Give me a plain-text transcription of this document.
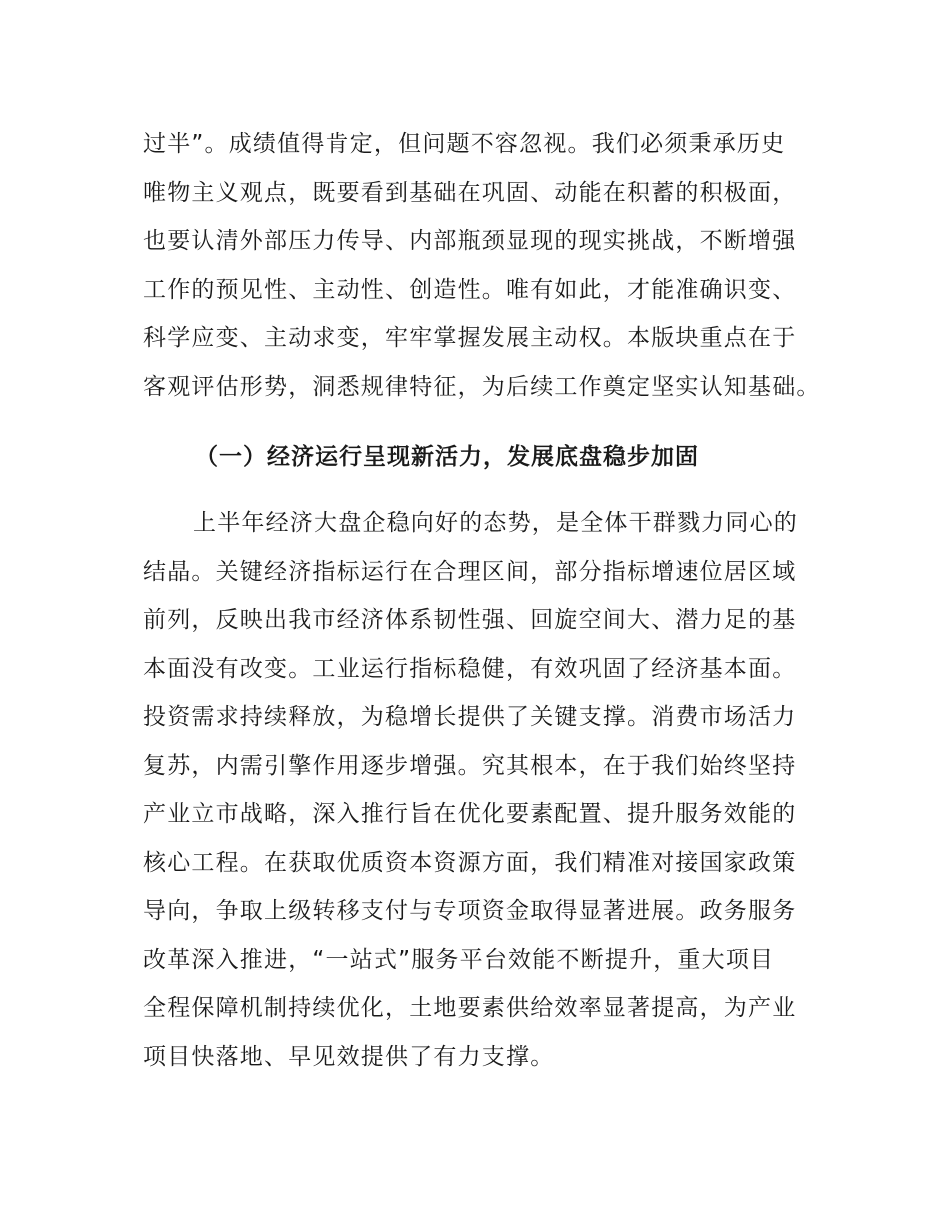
过半”。成绩值得肯定，但问题不容忽视。我们必须秉承历史
唯物主义观点，既要看到基础在巩固、动能在积蓄的积极面，
也要认清外部压力传导、内部瓶颈显现的现实挑战，不断增强
工作的预见性、主动性、创造性。唯有如此，才能准确识变、
科学应变、主动求变，牢牢掌握发展主动权。本版块重点在于
客观评估形势，洞悉规律特征，为后续工作奠定坚实认知基础。
（一）经济运行呈现新活力，发展底盘稳步加固
上半年经济大盘企稳向好的态势，是全体干群戮力同心的
结晶。关键经济指标运行在合理区间，部分指标增速位居区域
前列，反映出我市经济体系韧性强、回旋空间大、潜力足的基
本面没有改变。工业运行指标稳健，有效巩固了经济基本面。
投资需求持续释放，为稳增长提供了关键支撑。消费市场活力
复苏，内需引擎作用逐步增强。究其根本，在于我们始终坚持
产业立市战略，深入推行旨在优化要素配置、提升服务效能的
核心工程。在获取优质资本资源方面，我们精准对接国家政策
导向，争取上级转移支付与专项资金取得显著进展。政务服务
改革深入推进，“一站式”服务平台效能不断提升，重大项目
全程保障机制持续优化，土地要素供给效率显著提高，为产业
项目快落地、早见效提供了有力支撑。
